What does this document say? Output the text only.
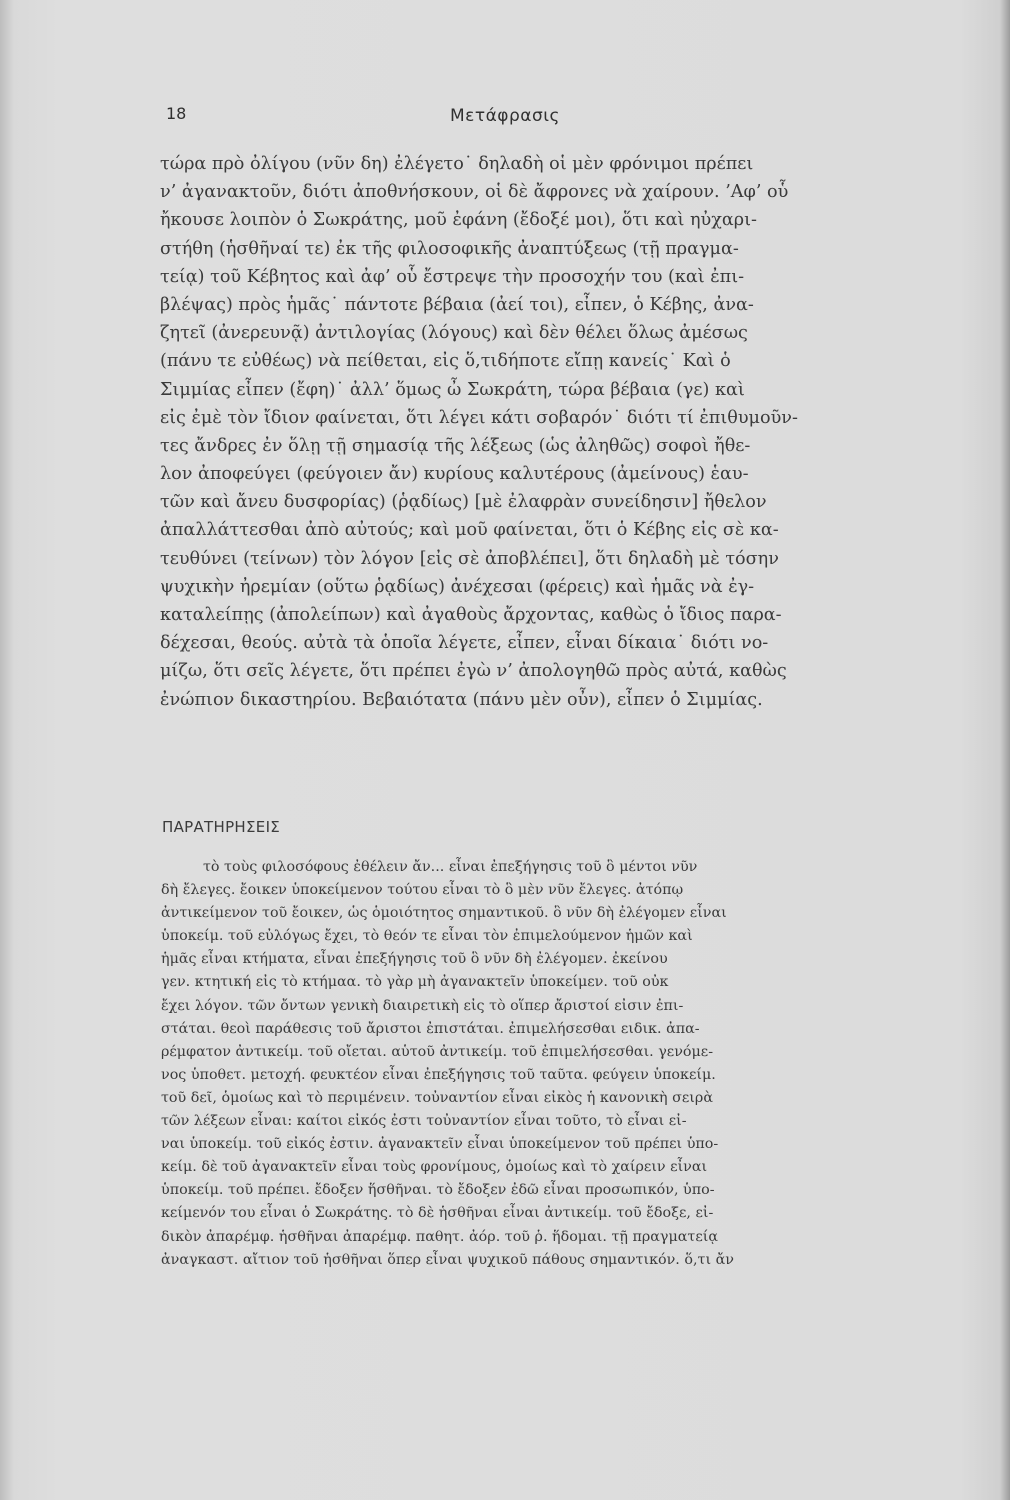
18	Μετάφρασις
τώρα πρὸ ὀλίγου (νῦν δη) ἐλέγετο˙ δηλαδὴ οἱ μὲν φρόνιμοι πρέπει
ν’ ἀγανακτοῦν, διότι ἀποθνήσκουν, οἱ δὲ ἄφρονες νὰ χαίρουν. ’Αφ’ οὗ
ἤκουσε λοιπὸν ὁ Σωκράτης, μοῦ ἐφάνη (ἔδοξέ μοι), ὅτι καὶ ηὐχαρι-
στήθη (ἡσθῆναί τε) ἐκ τῆς φιλοσοφικῆς ἀναπτύξεως (τῇ πραγμα-
τείᾳ) τοῦ Κέβητος καὶ ἀφ’ οὗ ἔστρεψε τὴν προσοχήν του (καὶ ἐπι-
βλέψας) πρὸς ἡμᾶς˙ πάντοτε βέβαια (ἀεί τοι), εἶπεν, ὁ Κέβης, ἀνα-
ζητεῖ (ἀνερευνᾷ) ἀντιλογίας (λόγους) καὶ δὲν θέλει ὅλως ἀμέσως
(πάνυ τε εὐθέως) νὰ πείθεται, εἰς ὅ,τιδήποτε εἴπῃ κανείς˙ Καὶ ὁ
Σιμμίας εἶπεν (ἔφη)˙ ἀλλ’ ὅμως ὦ Σωκράτη, τώρα βέβαια (γε) καὶ
εἰς ἐμὲ τὸν ἴδιον φαίνεται, ὅτι λέγει κάτι σοβαρόν˙ διότι τί ἐπιθυμοῦν-
τες ἄνδρες ἐν ὅλῃ τῇ σημασίᾳ τῆς λέξεως (ὡς ἀληθῶς) σοφοὶ ἤθε-
λον ἀποφεύγει (φεύγοιεν ἄν) κυρίους καλυτέρους (ἀμείνους) ἑαυ-
τῶν καὶ ἄνευ δυσφορίας) (ῥᾳδίως) [μὲ ἐλαφρὰν συνείδησιν] ἤθελον
ἀπαλλάττεσθαι ἀπὸ αὐτούς; καὶ μοῦ φαίνεται, ὅτι ὁ Κέβης εἰς σὲ κα-
τευθύνει (τείνων) τὸν λόγον [εἰς σὲ ἀποβλέπει], ὅτι δηλαδὴ μὲ τόσην
ψυχικὴν ἠρεμίαν (οὕτω ῥᾳδίως) ἀνέχεσαι (φέρεις) καὶ ἡμᾶς νὰ ἐγ-
καταλείπῃς (ἀπολείπων) καὶ ἀγαθοὺς ἄρχοντας, καθὼς ὁ ἴδιος παρα-
δέχεσαι, θεούς. αὐτὰ τὰ ὁποῖα λέγετε, εἶπεν, εἶναι δίκαια˙ διότι νο-
μίζω, ὅτι σεῖς λέγετε, ὅτι πρέπει ἐγὼ ν’ ἀπολογηθῶ πρὸς αὐτά, καθὼς
ἐνώπιον δικαστηρίου. Βεβαιότατα (πάνυ μὲν οὖν), εἶπεν ὁ Σιμμίας.
ΠΑΡΑΤΗΡΗΣΕΙΣ
τὸ τοὺς φιλοσόφους ἐθέλειν ἄν... εἶναι ἐπεξήγησις τοῦ ὃ μέντοι νῦν
δὴ ἔλεγες. ἔοικεν ὑποκείμενον τούτου εἶναι τὸ ὃ μὲν νῦν ἔλεγες. ἀτόπῳ
ἀντικείμενον τοῦ ἔοικεν, ὡς ὁμοιότητος σημαντικοῦ. ὃ νῦν δὴ ἐλέγομεν εἶναι
ὑποκείμ. τοῦ εὐλόγως ἔχει, τὸ θεόν τε εἶναι τὸν ἐπιμελούμενον ἡμῶν καὶ
ἡμᾶς εἶναι κτήματα, εἶναι ἐπεξήγησις τοῦ ὃ νῦν δὴ ἐλέγομεν. ἐκείνου
γεν. κτητική εἰς τὸ κτήμαα. τὸ γὰρ μὴ ἀγανακτεῖν ὑποκείμεν. τοῦ οὐκ
ἔχει λόγον. τῶν ὄντων γενικὴ διαιρετικὴ εἰς τὸ οἵπερ ἄριστοί εἰσιν ἐπι-
στάται. θεοὶ παράθεσις τοῦ ἄριστοι ἐπιστάται. ἐπιμελήσεσθαι ειδικ. ἀπα-
ρέμφατον ἀντικείμ. τοῦ οἴεται. αὑτοῦ ἀντικείμ. τοῦ ἐπιμελήσεσθαι. γενόμε-
νος ὑποθετ. μετοχή. φευκτέον εἶναι ἐπεξήγησις τοῦ ταῦτα. φεύγειν ὑποκείμ.
τοῦ δεῖ, ὁμοίως καὶ τὸ περιμένειν. τοὐναντίον εἶναι εἰκὸς ἡ κανονικὴ σειρὰ
τῶν λέξεων εἶναι: καίτοι εἰκός ἐστι τοὐναντίον εἶναι τοῦτο, τὸ εἶναι εἰ-
ναι ὑποκείμ. τοῦ εἰκός ἐστιν. ἀγανακτεῖν εἶναι ὑποκείμενον τοῦ πρέπει ὑπο-
κείμ. δὲ τοῦ ἀγανακτεῖν εἶναι τοὺς φρονίμους, ὁμοίως καὶ τὸ χαίρειν εἶναι
ὑποκείμ. τοῦ πρέπει. ἔδοξεν ἥσθῆναι. τὸ ἔδοξεν ἐδῶ εἶναι προσωπικόν, ὑπο-
κείμενόν του εἶναι ὁ Σωκράτης. τὸ δὲ ἡσθῆναι εἶναι ἀντικείμ. τοῦ ἔδοξε, εἰ-
δικὸν ἀπαρέμφ. ἡσθῆναι ἀπαρέμφ. παθητ. ἀόρ. τοῦ ῥ. ἥδομαι. τῇ πραγματείᾳ
ἀναγκαστ. αἴτιον τοῦ ἡσθῆναι ὅπερ εἶναι ψυχικοῦ πάθους σημαντικόν. ὅ,τι ἄν
